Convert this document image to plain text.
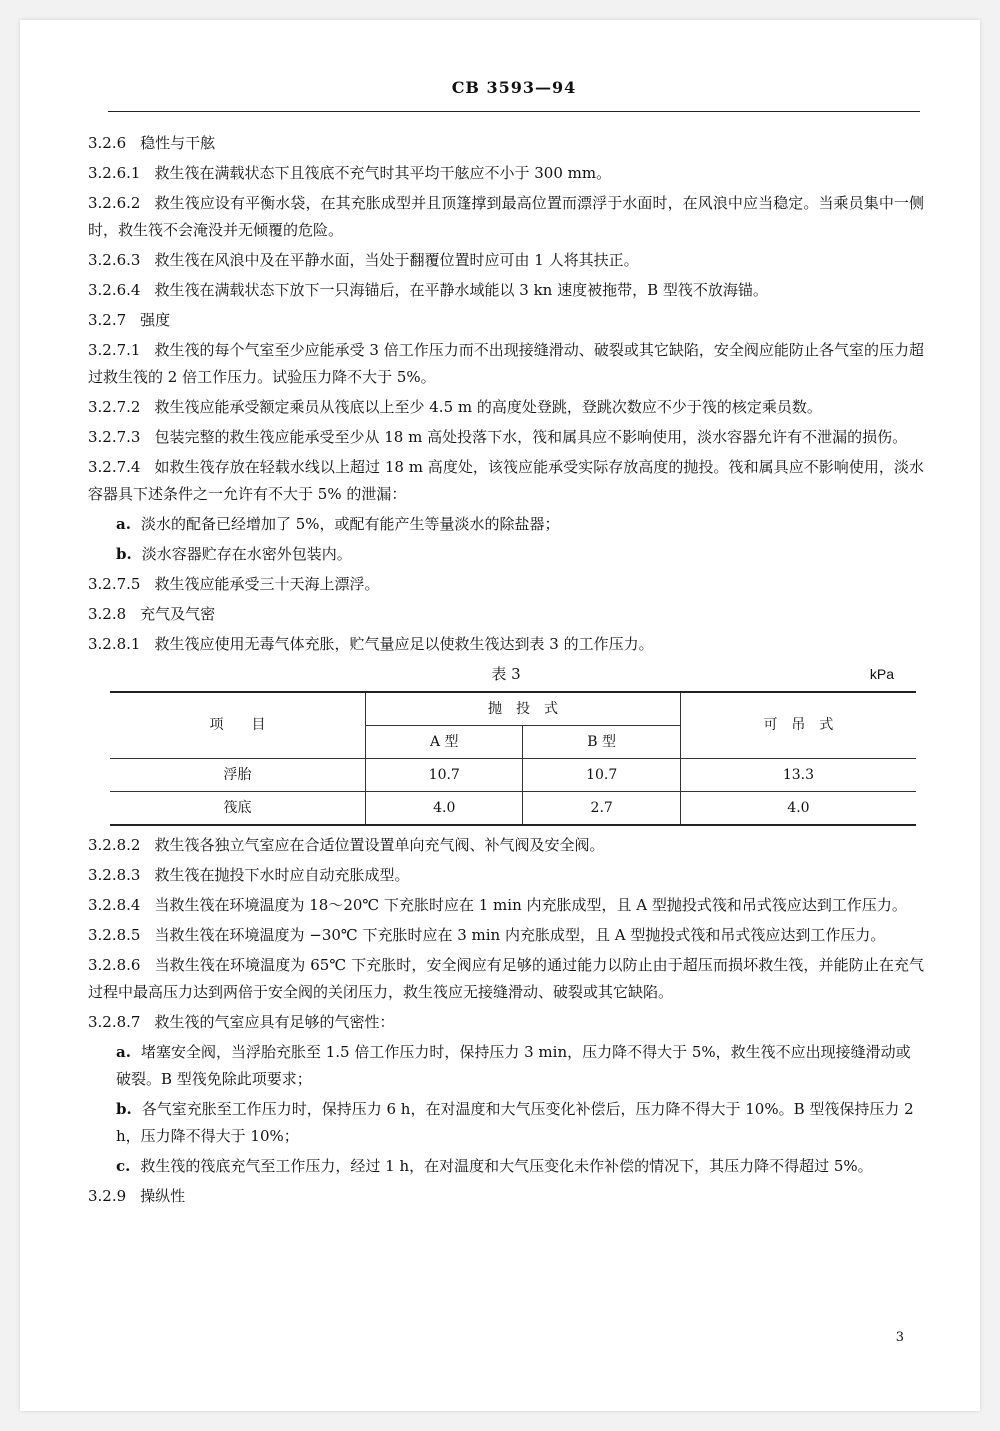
CB 3593—94
3.2.6 稳性与干舷
3.2.6.1 救生筏在满载状态下且筏底不充气时其平均干舷应不小于 300 mm。
3.2.6.2 救生筏应设有平衡水袋，在其充胀成型并且顶篷撑到最高位置而漂浮于水面时，在风浪中应当稳定。当乘员集中一侧时，救生筏不会淹没并无倾覆的危险。
3.2.6.3 救生筏在风浪中及在平静水面，当处于翻覆位置时应可由 1 人将其扶正。
3.2.6.4 救生筏在满载状态下放下一只海锚后，在平静水域能以 3 kn 速度被拖带，B 型筏不放海锚。
3.2.7 强度
3.2.7.1 救生筏的每个气室至少应能承受 3 倍工作压力而不出现接缝滑动、破裂或其它缺陷，安全阀应能防止各气室的压力超过救生筏的 2 倍工作压力。试验压力降不大于 5%。
3.2.7.2 救生筏应能承受额定乘员从筏底以上至少 4.5 m 的高度处登跳，登跳次数应不少于筏的核定乘员数。
3.2.7.3 包装完整的救生筏应能承受至少从 18 m 高处投落下水，筏和属具应不影响使用，淡水容器允许有不泄漏的损伤。
3.2.7.4 如救生筏存放在轻载水线以上超过 18 m 高度处，该筏应能承受实际存放高度的抛投。筏和属具应不影响使用，淡水容器具下述条件之一允许有不大于 5% 的泄漏：
a. 淡水的配备已经增加了 5%，或配有能产生等量淡水的除盐器；
b. 淡水容器贮存在水密外包装内。
3.2.7.5 救生筏应能承受三十天海上漂浮。
3.2.8 充气及气密
3.2.8.1 救生筏应使用无毒气体充胀，贮气量应足以使救生筏达到表 3 的工作压力。
表 3	kPa
项　　目	抛　投　式		可　吊　式
	A 型	B 型	
浮胎	10.7	10.7	13.3
筏底	4.0	2.7	4.0
3.2.8.2 救生筏各独立气室应在合适位置设置单向充气阀、补气阀及安全阀。
3.2.8.3 救生筏在抛投下水时应自动充胀成型。
3.2.8.4 当救生筏在环境温度为 18～20℃ 下充胀时应在 1 min 内充胀成型，且 A 型抛投式筏和吊式筏应达到工作压力。
3.2.8.5 当救生筏在环境温度为 −30℃ 下充胀时应在 3 min 内充胀成型，且 A 型抛投式筏和吊式筏应达到工作压力。
3.2.8.6 当救生筏在环境温度为 65℃ 下充胀时，安全阀应有足够的通过能力以防止由于超压而损坏救生筏，并能防止在充气过程中最高压力达到两倍于安全阀的关闭压力，救生筏应无接缝滑动、破裂或其它缺陷。
3.2.8.7 救生筏的气室应具有足够的气密性：
a. 堵塞安全阀，当浮胎充胀至 1.5 倍工作压力时，保持压力 3 min，压力降不得大于 5%，救生筏不应出现接缝滑动或破裂。B 型筏免除此项要求；
b. 各气室充胀至工作压力时，保持压力 6 h，在对温度和大气压变化补偿后，压力降不得大于 10%。B 型筏保持压力 2 h，压力降不得大于 10%；
c. 救生筏的筏底充气至工作压力，经过 1 h，在对温度和大气压变化未作补偿的情况下，其压力降不得超过 5%。
3.2.9 操纵性
3
